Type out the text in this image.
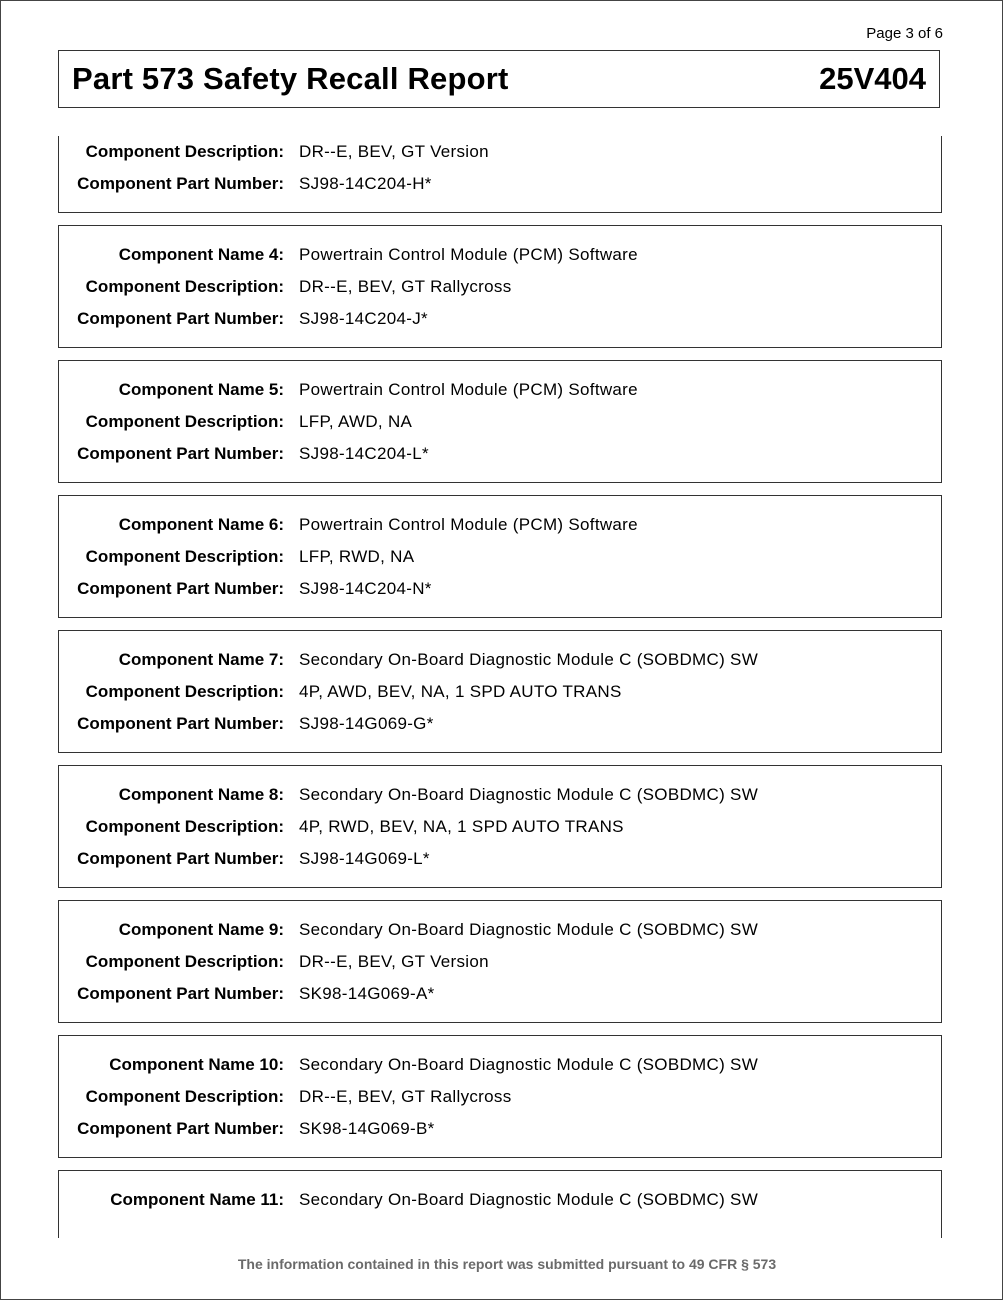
Page 3 of 6
Part 573 Safety Recall Report	25V404
Component Description: DR--E, BEV, GT Version
Component Part Number: SJ98-14C204-H*
Component Name 4: Powertrain Control Module (PCM) Software
Component Description: DR--E, BEV, GT Rallycross
Component Part Number: SJ98-14C204-J*
Component Name 5: Powertrain Control Module (PCM) Software
Component Description: LFP, AWD, NA
Component Part Number: SJ98-14C204-L*
Component Name 6: Powertrain Control Module (PCM) Software
Component Description: LFP, RWD, NA
Component Part Number: SJ98-14C204-N*
Component Name 7: Secondary On-Board Diagnostic Module C (SOBDMC) SW
Component Description: 4P, AWD, BEV, NA, 1 SPD AUTO TRANS
Component Part Number: SJ98-14G069-G*
Component Name 8: Secondary On-Board Diagnostic Module C (SOBDMC) SW
Component Description: 4P, RWD, BEV, NA, 1 SPD AUTO TRANS
Component Part Number: SJ98-14G069-L*
Component Name 9: Secondary On-Board Diagnostic Module C (SOBDMC) SW
Component Description: DR--E, BEV, GT Version
Component Part Number: SK98-14G069-A*
Component Name 10: Secondary On-Board Diagnostic Module C (SOBDMC) SW
Component Description: DR--E, BEV, GT Rallycross
Component Part Number: SK98-14G069-B*
Component Name 11: Secondary On-Board Diagnostic Module C (SOBDMC) SW
The information contained in this report was submitted pursuant to 49 CFR § 573
